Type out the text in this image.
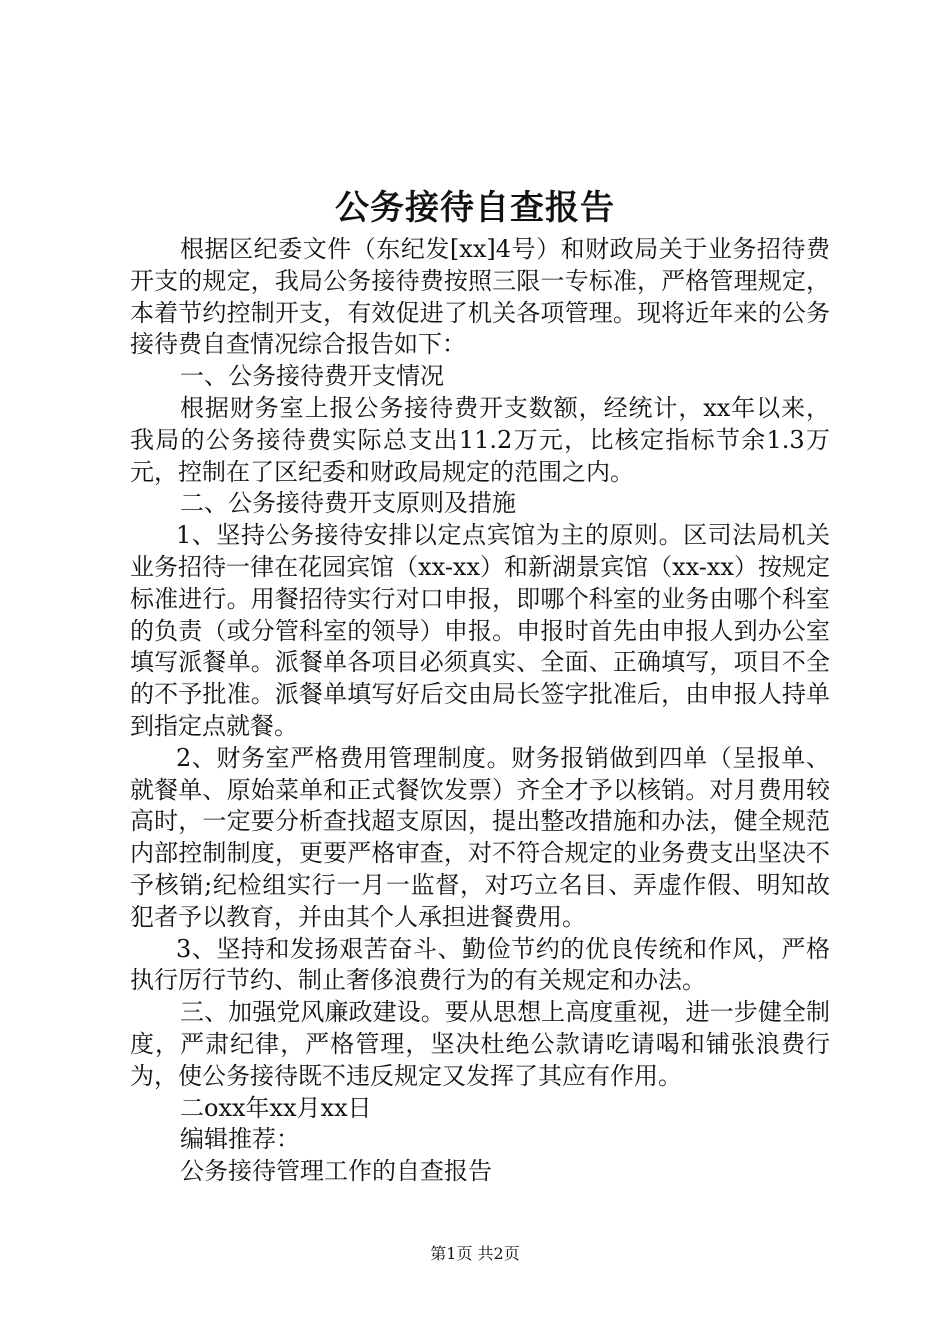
公务接待自查报告

根据区纪委文件（东纪发[xx]4号）和财政局关于业务招待费开支的规定，我局公务接待费按照三限一专标准，严格管理规定，本着节约控制开支，有效促进了机关各项管理。现将近年来的公务接待费自查情况综合报告如下：

一、公务接待费开支情况

根据财务室上报公务接待费开支数额，经统计，xx年以来，我局的公务接待费实际总支出11.2万元，比核定指标节余1.3万元，控制在了区纪委和财政局规定的范围之内。

二、公务接待费开支原则及措施

1、坚持公务接待安排以定点宾馆为主的原则。区司法局机关业务招待一律在花园宾馆（xx-xx）和新湖景宾馆（xx-xx）按规定标准进行。用餐招待实行对口申报，即哪个科室的业务由哪个科室的负责（或分管科室的领导）申报。申报时首先由申报人到办公室填写派餐单。派餐单各项目必须真实、全面、正确填写，项目不全的不予批准。派餐单填写好后交由局长签字批准后，由申报人持单到指定点就餐。

2、财务室严格费用管理制度。财务报销做到四单（呈报单、就餐单、原始菜单和正式餐饮发票）齐全才予以核销。对月费用较高时，一定要分析查找超支原因，提出整改措施和办法，健全规范内部控制制度，更要严格审查，对不符合规定的业务费支出坚决不予核销;纪检组实行一月一监督，对巧立名目、弄虚作假、明知故犯者予以教育，并由其个人承担进餐费用。

3、坚持和发扬艰苦奋斗、勤俭节约的优良传统和作风，严格执行厉行节约、制止奢侈浪费行为的有关规定和办法。

三、加强党风廉政建设。要从思想上高度重视，进一步健全制度，严肃纪律，严格管理，坚决杜绝公款请吃请喝和铺张浪费行为，使公务接待既不违反规定又发挥了其应有作用。

二oxx年xx月xx日

编辑推荐：

公务接待管理工作的自查报告

第1页 共2页
